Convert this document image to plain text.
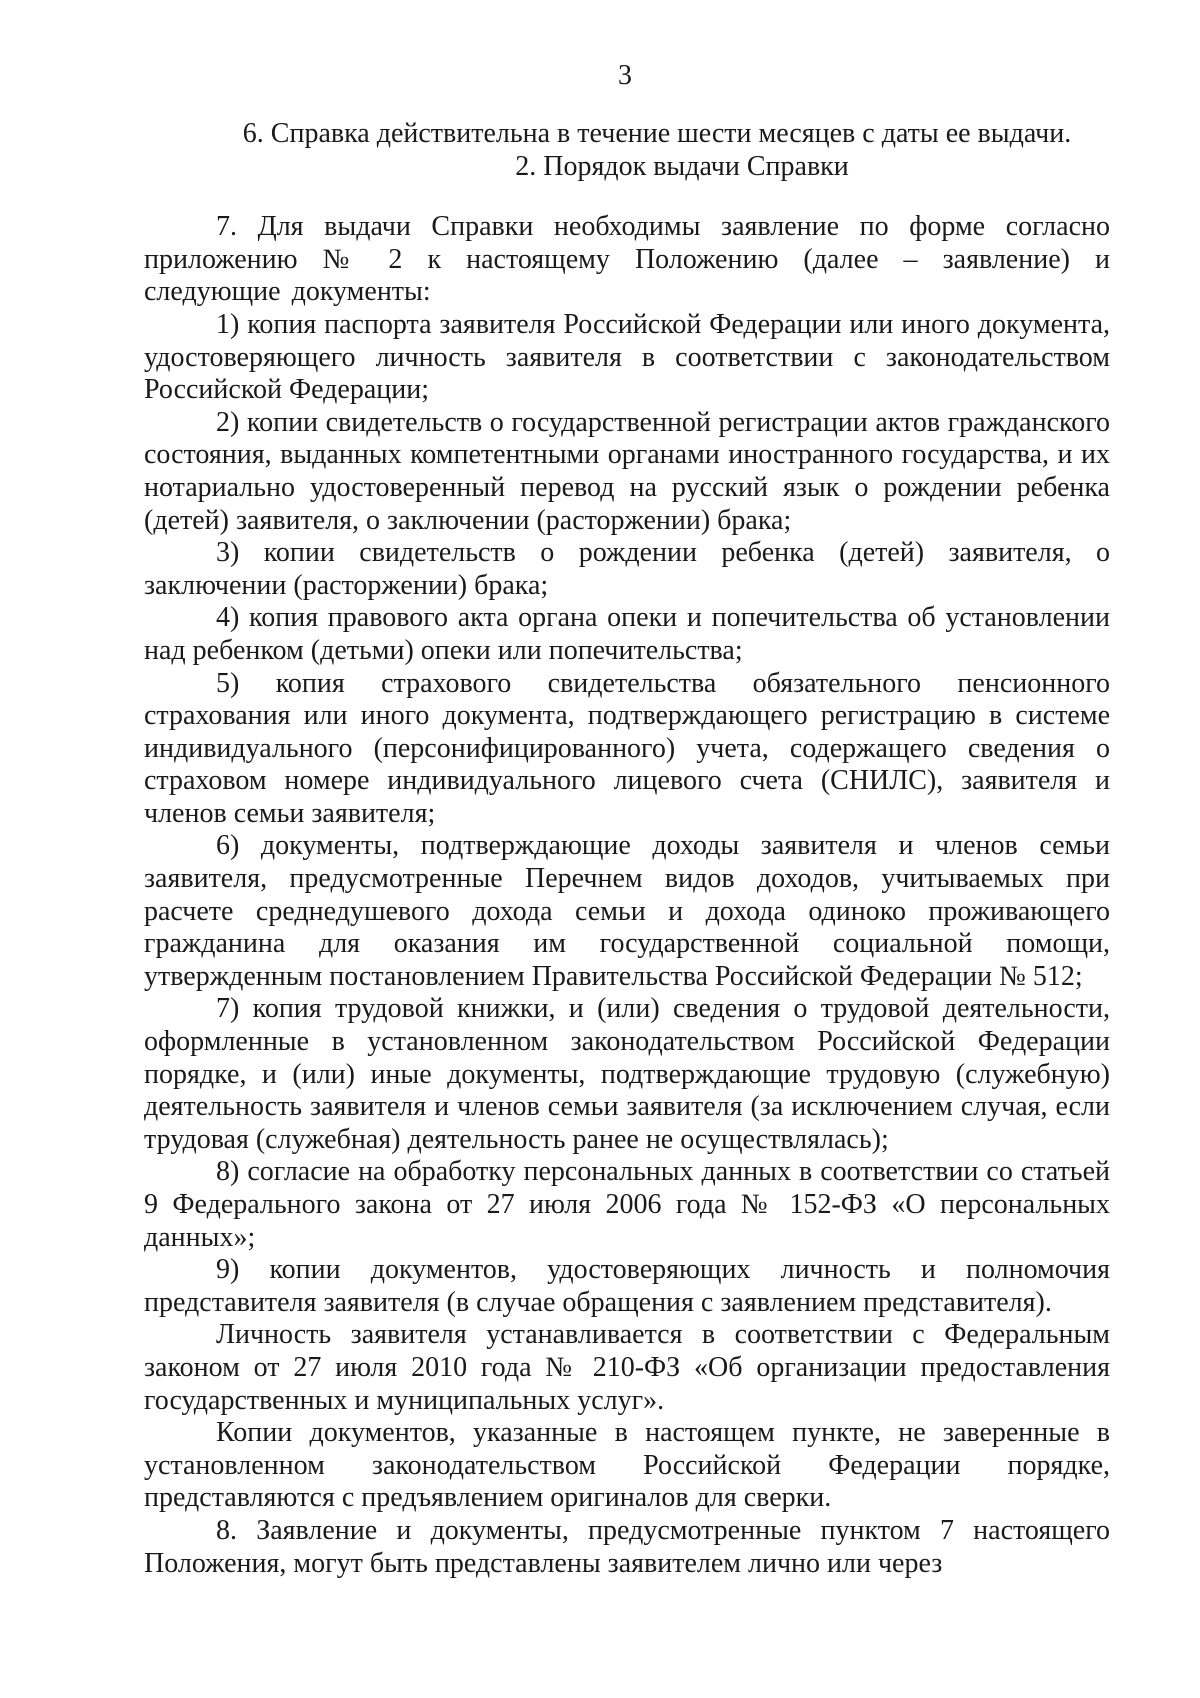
3

6. Справка действительна в течение шести месяцев с даты ее выдачи.

2. Порядок выдачи Справки

7. Для выдачи Справки необходимы заявление по форме согласно приложению № 2 к настоящему Положению (далее – заявление) и следующие документы:

1) копия паспорта заявителя Российской Федерации или иного документа, удостоверяющего личность заявителя в соответствии с законодательством Российской Федерации;

2) копии свидетельств о государственной регистрации актов гражданского состояния, выданных компетентными органами иностранного государства, и их нотариально удостоверенный перевод на русский язык о рождении ребенка (детей) заявителя, о заключении (расторжении) брака;

3) копии свидетельств о рождении ребенка (детей) заявителя, о заключении (расторжении) брака;

4) копия правового акта органа опеки и попечительства об установлении над ребенком (детьми) опеки или попечительства;

5) копия страхового свидетельства обязательного пенсионного страхования или иного документа, подтверждающего регистрацию в системе индивидуального (персонифицированного) учета, содержащего сведения о страховом номере индивидуального лицевого счета (СНИЛС), заявителя и членов семьи заявителя;

6) документы, подтверждающие доходы заявителя и членов семьи заявителя, предусмотренные Перечнем видов доходов, учитываемых при расчете среднедушевого дохода семьи и дохода одиноко проживающего гражданина для оказания им государственной социальной помощи, утвержденным постановлением Правительства Российской Федерации № 512;

7) копия трудовой книжки, и (или) сведения о трудовой деятельности, оформленные в установленном законодательством Российской Федерации порядке, и (или) иные документы, подтверждающие трудовую (служебную) деятельность заявителя и членов семьи заявителя (за исключением случая, если трудовая (служебная) деятельность ранее не осуществлялась);

8) согласие на обработку персональных данных в соответствии со статьей 9 Федерального закона от 27 июля 2006 года № 152-ФЗ «О персональных данных»;

9) копии документов, удостоверяющих личность и полномочия представителя заявителя (в случае обращения с заявлением представителя).

Личность заявителя устанавливается в соответствии с Федеральным законом от 27 июля 2010 года № 210-ФЗ «Об организации предоставления государственных и муниципальных услуг».

Копии документов, указанные в настоящем пункте, не заверенные в установленном законодательством Российской Федерации порядке, представляются с предъявлением оригиналов для сверки.

8. Заявление и документы, предусмотренные пунктом 7 настоящего Положения, могут быть представлены заявителем лично или через
